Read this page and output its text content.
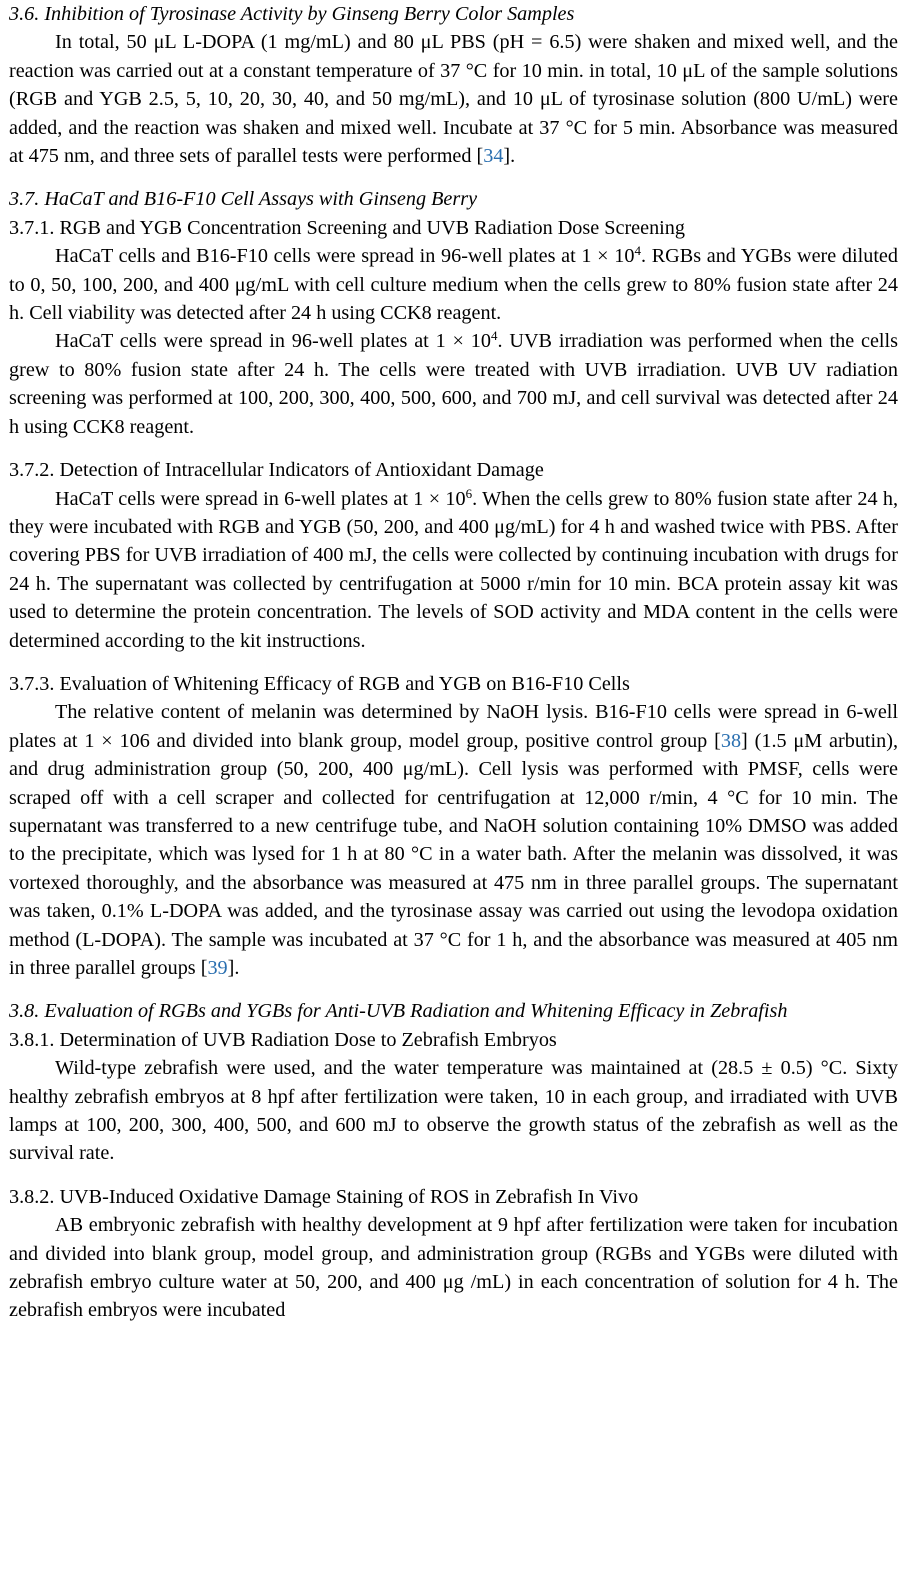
3.6. Inhibition of Tyrosinase Activity by Ginseng Berry Color Samples

In total, 50 μL L-DOPA (1 mg/mL) and 80 μL PBS (pH = 6.5) were shaken and mixed well, and the reaction was carried out at a constant temperature of 37 °C for 10 min. in total, 10 μL of the sample solutions (RGB and YGB 2.5, 5, 10, 20, 30, 40, and 50 mg/mL), and 10 μL of tyrosinase solution (800 U/mL) were added, and the reaction was shaken and mixed well. Incubate at 37 °C for 5 min. Absorbance was measured at 475 nm, and three sets of parallel tests were performed [34].

3.7. HaCaT and B16-F10 Cell Assays with Ginseng Berry
3.7.1. RGB and YGB Concentration Screening and UVB Radiation Dose Screening

HaCaT cells and B16-F10 cells were spread in 96-well plates at $1 \times 10^4$. RGBs and YGBs were diluted to 0, 50, 100, 200, and 400 μg/mL with cell culture medium when the cells grew to 80% fusion state after 24 h. Cell viability was detected after 24 h using CCK8 reagent.

HaCaT cells were spread in 96-well plates at $1 \times 10^4$. UVB irradiation was performed when the cells grew to 80% fusion state after 24 h. The cells were treated with UVB irradiation. UVB UV radiation screening was performed at 100, 200, 300, 400, 500, 600, and 700 mJ, and cell survival was detected after 24 h using CCK8 reagent.

3.7.2. Detection of Intracellular Indicators of Antioxidant Damage

HaCaT cells were spread in 6-well plates at $1 \times 10^6$. When the cells grew to 80% fusion state after 24 h, they were incubated with RGB and YGB (50, 200, and 400 μg/mL) for 4 h and washed twice with PBS. After covering PBS for UVB irradiation of 400 mJ, the cells were collected by continuing incubation with drugs for 24 h. The supernatant was collected by centrifugation at 5000 r/min for 10 min. BCA protein assay kit was used to determine the protein concentration. The levels of SOD activity and MDA content in the cells were determined according to the kit instructions.

3.7.3. Evaluation of Whitening Efficacy of RGB and YGB on B16-F10 Cells

The relative content of melanin was determined by NaOH lysis. B16-F10 cells were spread in 6-well plates at 1 × 106 and divided into blank group, model group, positive control group [38] (1.5 μM arbutin), and drug administration group (50, 200, 400 μg/mL). Cell lysis was performed with PMSF, cells were scraped off with a cell scraper and collected for centrifugation at 12,000 r/min, 4 °C for 10 min. The supernatant was transferred to a new centrifuge tube, and NaOH solution containing 10% DMSO was added to the precipitate, which was lysed for 1 h at 80 °C in a water bath. After the melanin was dissolved, it was vortexed thoroughly, and the absorbance was measured at 475 nm in three parallel groups. The supernatant was taken, 0.1% L-DOPA was added, and the tyrosinase assay was carried out using the levodopa oxidation method (L-DOPA). The sample was incubated at 37 °C for 1 h, and the absorbance was measured at 405 nm in three parallel groups [39].

3.8. Evaluation of RGBs and YGBs for Anti-UVB Radiation and Whitening Efficacy in Zebrafish
3.8.1. Determination of UVB Radiation Dose to Zebrafish Embryos

Wild-type zebrafish were used, and the water temperature was maintained at (28.5 ± 0.5) °C. Sixty healthy zebrafish embryos at 8 hpf after fertilization were taken, 10 in each group, and irradiated with UVB lamps at 100, 200, 300, 400, 500, and 600 mJ to observe the growth status of the zebrafish as well as the survival rate.

3.8.2. UVB-Induced Oxidative Damage Staining of ROS in Zebrafish In Vivo

AB embryonic zebrafish with healthy development at 9 hpf after fertilization were taken for incubation and divided into blank group, model group, and administration group (RGBs and YGBs were diluted with zebrafish embryo culture water at 50, 200, and 400 μg /mL) in each concentration of solution for 4 h. The zebrafish embryos were incubated
